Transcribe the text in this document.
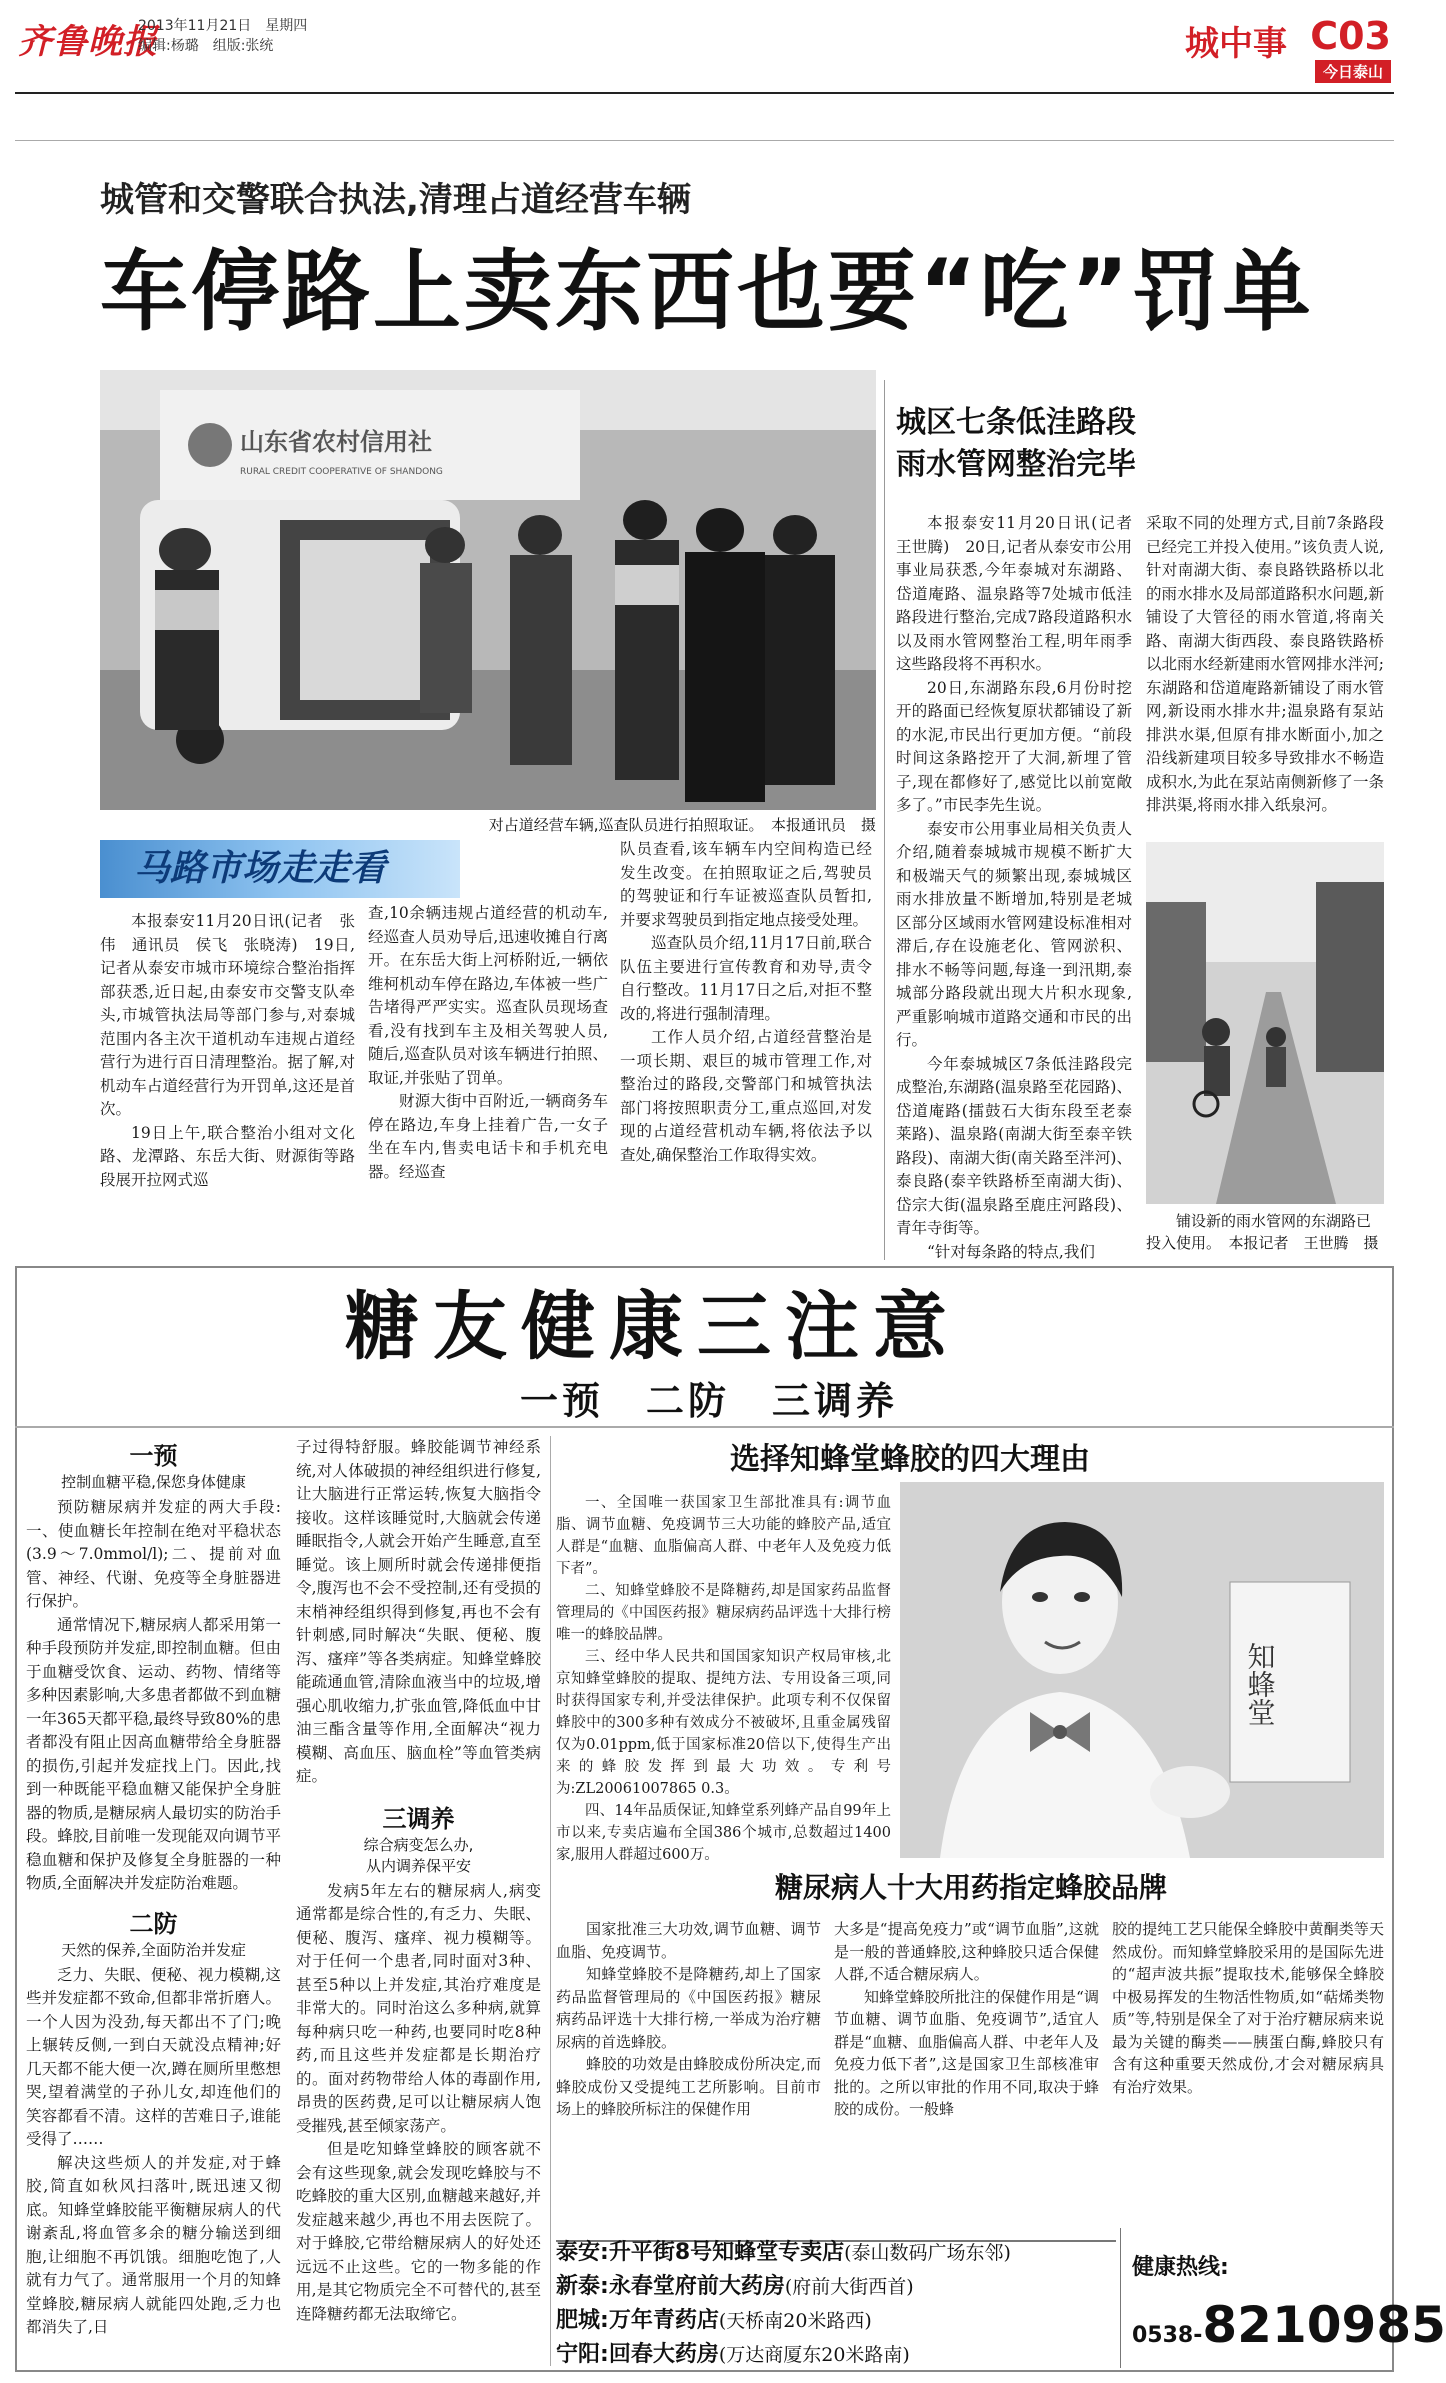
齐鲁晚报
2013年11月21日　星期四
编辑:杨璐　组版:张统	城中事 C03
今日泰山
城管和交警联合执法,清理占道经营车辆
车停路上卖东西也要“吃”罚单
山东省农村信用社
RURAL CREDIT COOPERATIVE OF SHANDONG
对占道经营车辆,巡查队员进行拍照取证。　本报通讯员　摄
马路市场走走看

本报泰安11月20日讯(记者　张伟　通讯员　侯飞　张晓涛)　19日,记者从泰安市城市环境综合整治指挥部获悉,近日起,由泰安市交警支队牵头,市城管执法局等部门参与,对泰城范围内各主次干道机动车违规占道经营行为进行百日清理整治。据了解,对机动车占道经营行为开罚单,这还是首次。

19日上午,联合整治小组对文化路、龙潭路、东岳大街、财源街等路段展开拉网式巡

查,10余辆违规占道经营的机动车,经巡查人员劝导后,迅速收摊自行离开。在东岳大街上河桥附近,一辆依维柯机动车停在路边,车体被一些广告堵得严严实实。巡查队员现场查看,没有找到车主及相关驾驶人员,随后,巡查队员对该车辆进行拍照、取证,并张贴了罚单。

财源大街中百附近,一辆商务车停在路边,车身上挂着广告,一女子坐在车内,售卖电话卡和手机充电器。经巡查

队员查看,该车辆车内空间构造已经发生改变。在拍照取证之后,驾驶员的驾驶证和行车证被巡查队员暂扣,并要求驾驶员到指定地点接受处理。

巡查队员介绍,11月17日前,联合队伍主要进行宣传教育和劝导,责令自行整改。11月17日之后,对拒不整改的,将进行强制清理。

工作人员介绍,占道经营整治是一项长期、艰巨的城市管理工作,对整治过的路段,交警部门和城管执法部门将按照职责分工,重点巡回,对发现的占道经营机动车辆,将依法予以查处,确保整治工作取得实效。

城区七条低洼路段
雨水管网整治完毕

本报泰安11月20日讯(记者　王世腾)　20日,记者从泰安市公用事业局获悉,今年泰城对东湖路、岱道庵路、温泉路等7处城市低洼路段进行整治,完成7路段道路积水以及雨水管网整治工程,明年雨季这些路段将不再积水。

20日,东湖路东段,6月份时挖开的路面已经恢复原状都铺设了新的水泥,市民出行更加方便。“前段时间这条路挖开了大洞,新埋了管子,现在都修好了,感觉比以前宽敞多了。”市民李先生说。

泰安市公用事业局相关负责人介绍,随着泰城城市规模不断扩大和极端天气的频繁出现,泰城城区雨水排放量不断增加,特别是老城区部分区域雨水管网建设标准相对滞后,存在设施老化、管网淤积、排水不畅等问题,每逢一到汛期,泰城部分路段就出现大片积水现象,严重影响城市道路交通和市民的出行。

今年泰城城区7条低洼路段完成整治,东湖路(温泉路至花园路)、岱道庵路(擂鼓石大街东段至老泰莱路)、温泉路(南湖大街至泰辛铁路段)、南湖大街(南关路至泮河)、泰良路(泰辛铁路桥至南湖大街)、岱宗大街(温泉路至鹿庄河路段)、青年寺街等。

“针对每条路的特点,我们

采取不同的处理方式,目前7条路段已经完工并投入使用。”该负责人说,针对南湖大街、泰良路铁路桥以北的雨水排水及局部道路积水问题,新铺设了大管径的雨水管道,将南关路、南湖大街西段、泰良路铁路桥以北雨水经新建雨水管网排水泮河;东湖路和岱道庵路新铺设了雨水管网,新设雨水排水井;温泉路有泵站排洪水渠,但原有排水断面小,加之沿线新建项目较多导致排水不畅造成积水,为此在泵站南侧新修了一条排洪渠,将雨水排入纸泉河。

铺设新的雨水管网的东湖路已投入使用。　本报记者　王世腾　摄
糖友健康三注意
一预　二防　三调养
一预
控制血糖平稳,保您身体健康

预防糖尿病并发症的两大手段:一、使血糖长年控制在绝对平稳状态(3.9～7.0mmol/l);二、提前对血管、神经、代谢、免疫等全身脏器进行保护。

通常情况下,糖尿病人都采用第一种手段预防并发症,即控制血糖。但由于血糖受饮食、运动、药物、情绪等多种因素影响,大多患者都做不到血糖一年365天都平稳,最终导致80%的患者都没有阻止因高血糖带给全身脏器的损伤,引起并发症找上门。因此,找到一种既能平稳血糖又能保护全身脏器的物质,是糖尿病人最切实的防治手段。蜂胶,目前唯一发现能双向调节平稳血糖和保护及修复全身脏器的一种物质,全面解决并发症防治难题。

二防
天然的保养,全面防治并发症

乏力、失眠、便秘、视力模糊,这些并发症都不致命,但都非常折磨人。一个人因为没劲,每天都出不了门;晚上辗转反侧,一到白天就没点精神;好几天都不能大便一次,蹲在厕所里憋想哭,望着满堂的子孙儿女,却连他们的笑容都看不清。这样的苦难日子,谁能受得了……

解决这些烦人的并发症,对于蜂胶,简直如秋风扫落叶,既迅速又彻底。知蜂堂蜂胶能平衡糖尿病人的代谢紊乱,将血管多余的糖分输送到细胞,让细胞不再饥饿。细胞吃饱了,人就有力气了。通常服用一个月的知蜂堂蜂胶,糖尿病人就能四处跑,乏力也都消失了,日

子过得特舒服。蜂胶能调节神经系统,对人体破损的神经组织进行修复,让大脑进行正常运转,恢复大脑指令接收。这样该睡觉时,大脑就会传递睡眠指令,人就会开始产生睡意,直至睡觉。该上厕所时就会传递排便指令,腹泻也不会不受控制,还有受损的末梢神经组织得到修复,再也不会有针刺感,同时解决“失眠、便秘、腹泻、瘙痒”等各类病症。知蜂堂蜂胶能疏通血管,清除血液当中的垃圾,增强心肌收缩力,扩张血管,降低血中甘油三酯含量等作用,全面解决“视力模糊、高血压、脑血栓”等血管类病症。

三调养
综合病变怎么办,
从内调养保平安

发病5年左右的糖尿病人,病变通常都是综合性的,有乏力、失眠、便秘、腹泻、瘙痒、视力模糊等。对于任何一个患者,同时面对3种、甚至5种以上并发症,其治疗难度是非常大的。同时治这么多种病,就算每种病只吃一种药,也要同时吃8种药,而且这些并发症都是长期治疗的。面对药物带给人体的毒副作用,昂贵的医药费,足可以让糖尿病人饱受摧残,甚至倾家荡产。

但是吃知蜂堂蜂胶的顾客就不会有这些现象,就会发现吃蜂胶与不吃蜂胶的重大区别,血糖越来越好,并发症越来越少,再也不用去医院了。对于蜂胶,它带给糖尿病人的好处还远远不止这些。它的一物多能的作用,是其它物质完全不可替代的,甚至连降糖药都无法取缔它。

选择知蜂堂蜂胶的四大理由

一、全国唯一获国家卫生部批准具有:调节血脂、调节血糖、免疫调节三大功能的蜂胶产品,适宜人群是“血糖、血脂偏高人群、中老年人及免疫力低下者”。

二、知蜂堂蜂胶不是降糖药,却是国家药品监督管理局的《中国医药报》糖尿病药品评选十大排行榜唯一的蜂胶品牌。

三、经中华人民共和国国家知识产权局审核,北京知蜂堂蜂胶的提取、提纯方法、专用设备三项,同时获得国家专利,并受法律保护。此项专利不仅保留蜂胶中的300多种有效成分不被破坏,且重金属残留仅为0.01ppm,低于国家标准20倍以下,使得生产出来的蜂胶发挥到最大功效。专利号为:ZL20061007865 0.3。

四、14年品质保证,知蜂堂系列蜂产品自99年上市以来,专卖店遍布全国386个城市,总数超过1400家,服用人群超过600万。

知蜂堂
糖尿病人十大用药指定蜂胶品牌

国家批准三大功效,调节血糖、调节血脂、免疫调节。

知蜂堂蜂胶不是降糖药,却上了国家药品监督管理局的《中国医药报》糖尿病药品评选十大排行榜,一举成为治疗糖尿病的首选蜂胶。

蜂胶的功效是由蜂胶成份所决定,而蜂胶成份又受提纯工艺所影响。目前市场上的蜂胶所标注的保健作用

大多是“提高免疫力”或“调节血脂”,这就是一般的普通蜂胶,这种蜂胶只适合保健人群,不适合糖尿病人。

知蜂堂蜂胶所批注的保健作用是“调节血糖、调节血脂、免疫调节”,适宜人群是“血糖、血脂偏高人群、中老年人及免疫力低下者”,这是国家卫生部核准审批的。之所以审批的作用不同,取决于蜂胶的成份。一般蜂

胶的提纯工艺只能保全蜂胶中黄酮类等天然成份。而知蜂堂蜂胶采用的是国际先进的“超声波共振”提取技术,能够保全蜂胶中极易挥发的生物活性物质,如“萜烯类物质”等,特别是保全了对于治疗糖尿病来说最为关键的酶类——胰蛋白酶,蜂胶只有含有这种重要天然成份,才会对糖尿病具有治疗效果。

泰安:升平街8号知蜂堂专卖店(泰山数码广场东邻)
新泰:永春堂府前大药房(府前大街西首)
肥城:万年青药店(天桥南20米路西)
宁阳:回春大药房(万达商厦东20米路南)
健康热线:
0538-8210985
